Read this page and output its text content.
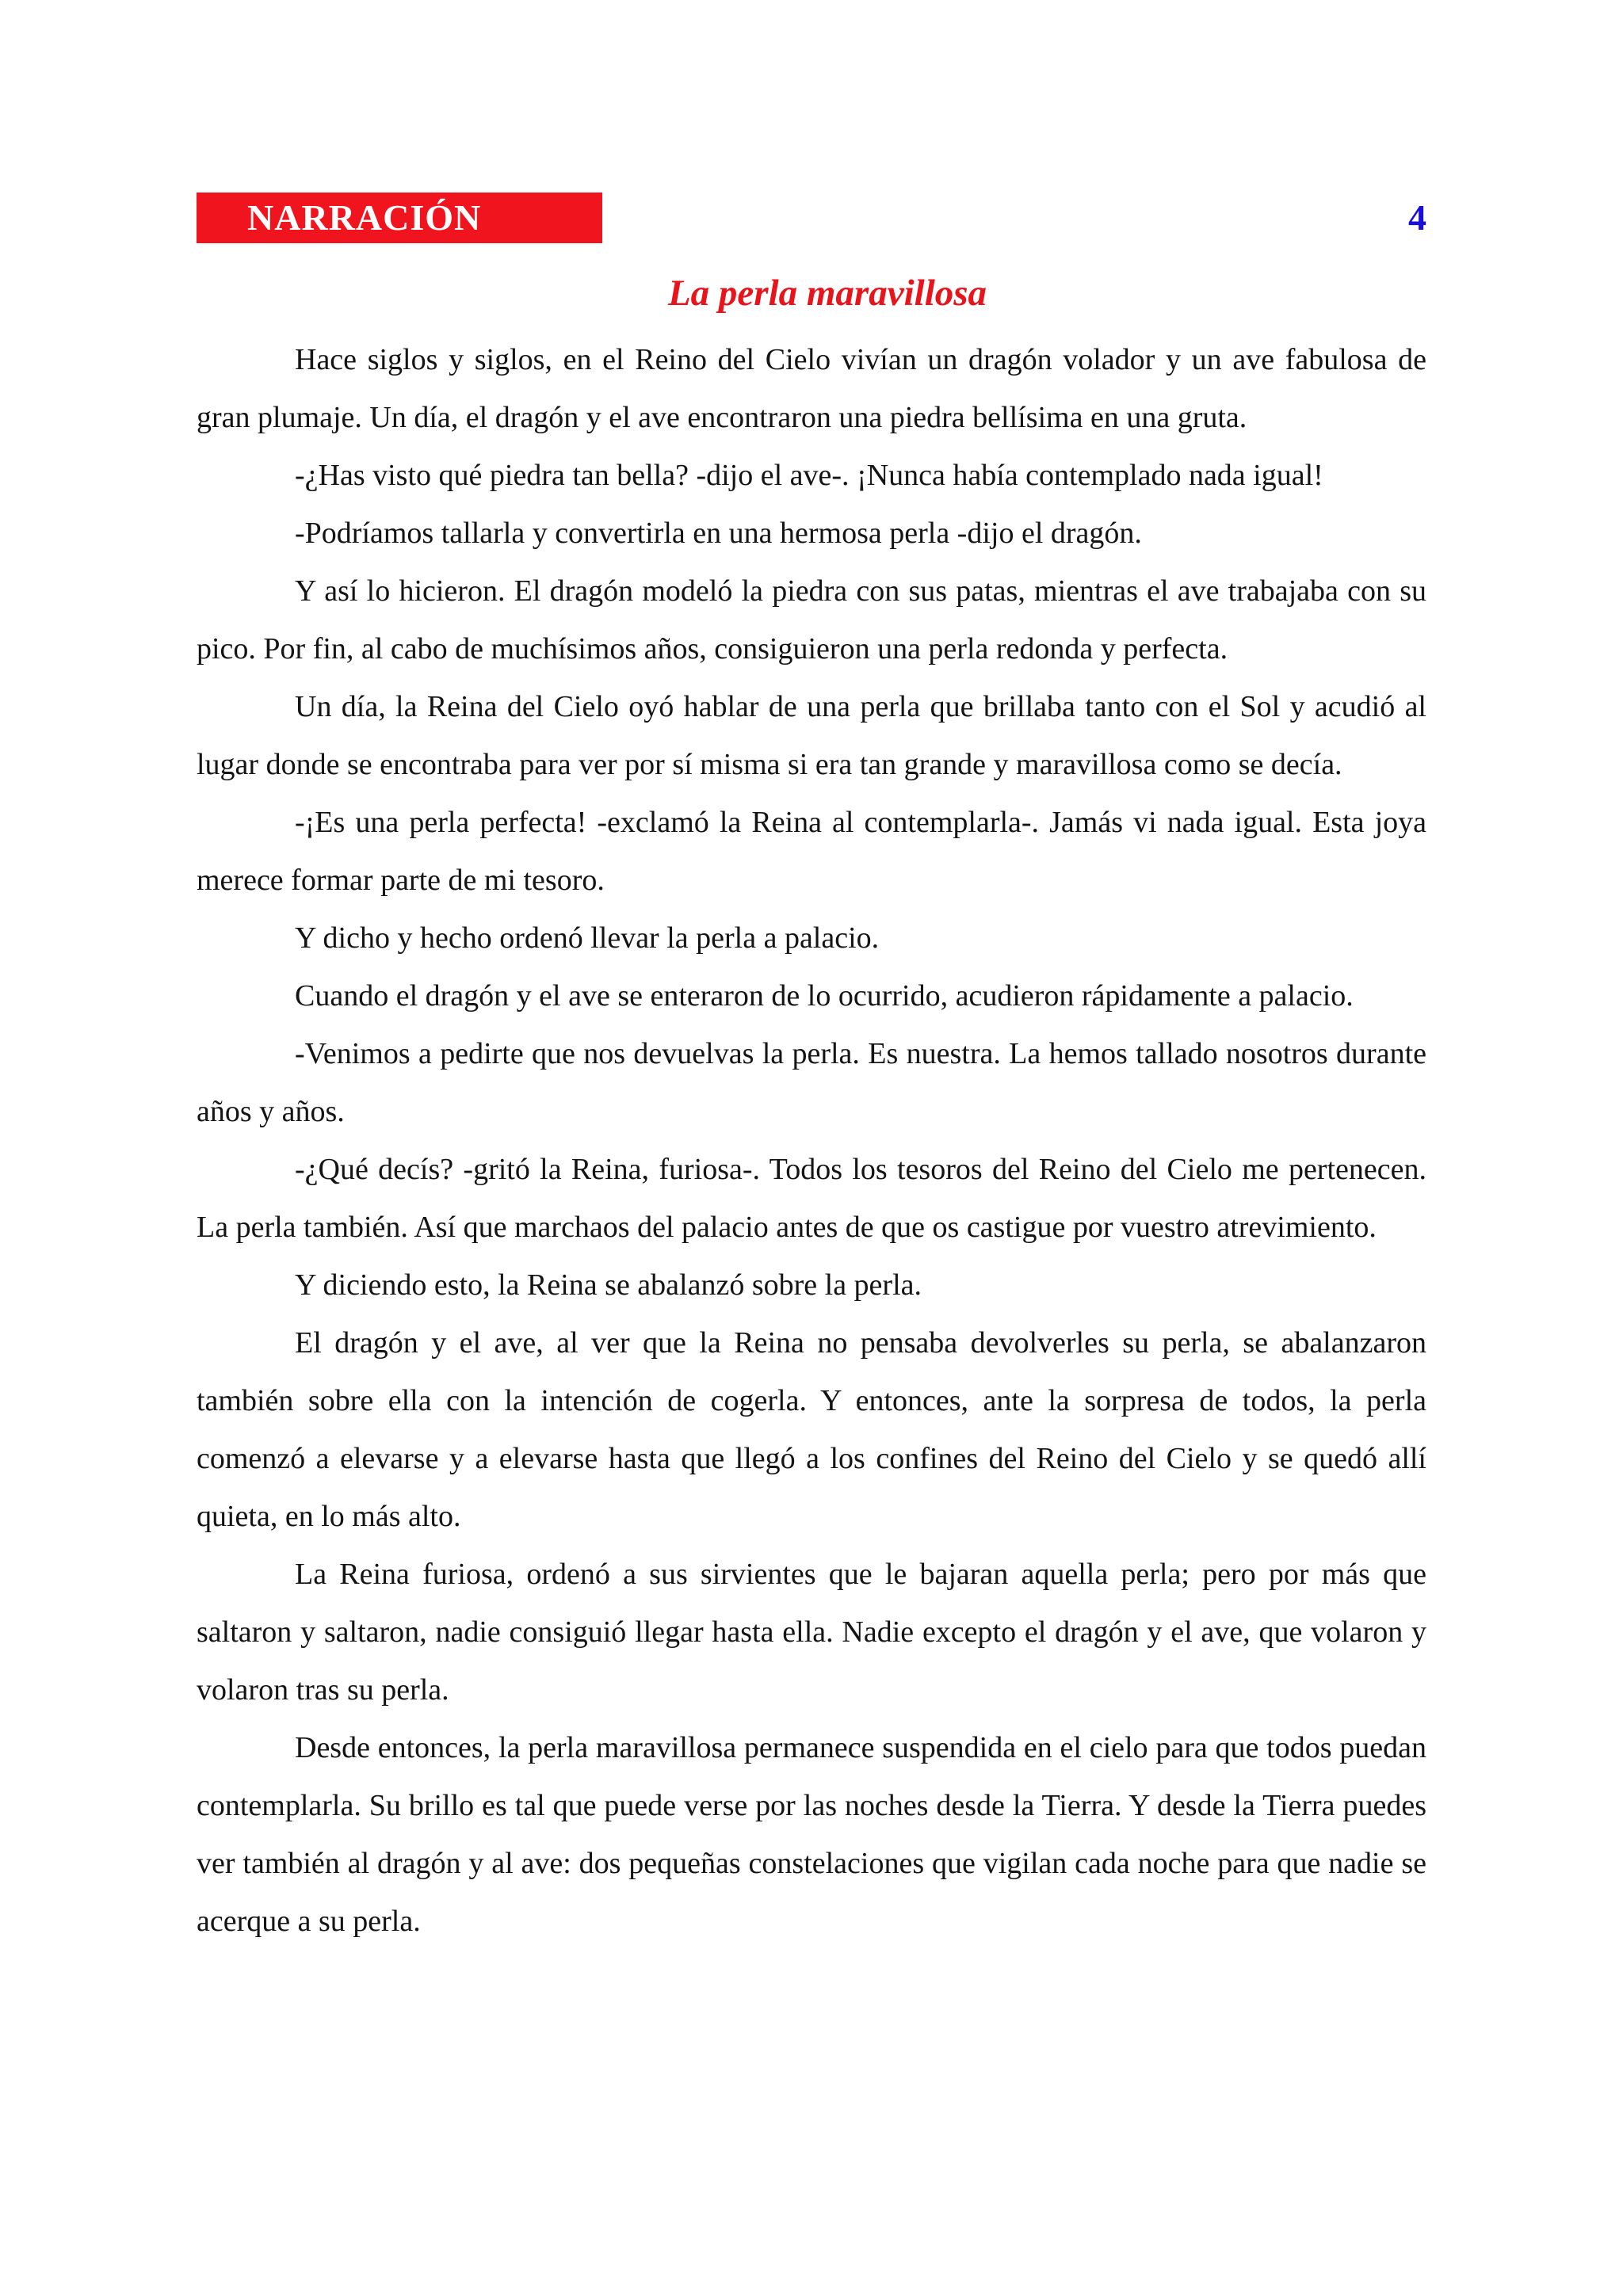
NARRACIÓN	4
La perla maravillosa

Hace siglos y siglos, en el Reino del Cielo vivían un dragón volador y un ave fabulosa de gran plumaje. Un día, el dragón y el ave encontraron una piedra bellísima en una gruta.

-¿Has visto qué piedra tan bella? -dijo el ave-. ¡Nunca había contemplado nada igual!

-Podríamos tallarla y convertirla en una hermosa perla -dijo el dragón.

Y así lo hicieron. El dragón modeló la piedra con sus patas, mientras el ave trabajaba con su pico. Por fin, al cabo de muchísimos años, consiguieron una perla redonda y perfecta.

Un día, la Reina del Cielo oyó hablar de una perla que brillaba tanto con el Sol y acudió al lugar donde se encontraba para ver por sí misma si era tan grande y maravillosa como se decía.

-¡Es una perla perfecta! -exclamó la Reina al contemplarla-. Jamás vi nada igual. Esta joya merece formar parte de mi tesoro.

Y dicho y hecho ordenó llevar la perla a palacio.

Cuando el dragón y el ave se enteraron de lo ocurrido, acudieron rápidamente a palacio.

-Venimos a pedirte que nos devuelvas la perla. Es nuestra. La hemos tallado nosotros durante años y años.

-¿Qué decís? -gritó la Reina, furiosa-. Todos los tesoros del Reino del Cielo me pertenecen. La perla también. Así que marchaos del palacio antes de que os castigue por vuestro atrevimiento.

Y diciendo esto, la Reina se abalanzó sobre la perla.

El dragón y el ave, al ver que la Reina no pensaba devolverles su perla, se abalanzaron también sobre ella con la intención de cogerla. Y entonces, ante la sorpresa de todos, la perla comenzó a elevarse y a elevarse hasta que llegó a los confines del Reino del Cielo y se quedó allí quieta, en lo más alto.

La Reina furiosa, ordenó a sus sirvientes que le bajaran aquella perla; pero por más que saltaron y saltaron, nadie consiguió llegar hasta ella. Nadie excepto el dragón y el ave, que volaron y volaron tras su perla.

Desde entonces, la perla maravillosa permanece suspendida en el cielo para que todos puedan contemplarla. Su brillo es tal que puede verse por las noches desde la Tierra. Y desde la Tierra puedes ver también al dragón y al ave: dos pequeñas constelaciones que vigilan cada noche para que nadie se acerque a su perla.
